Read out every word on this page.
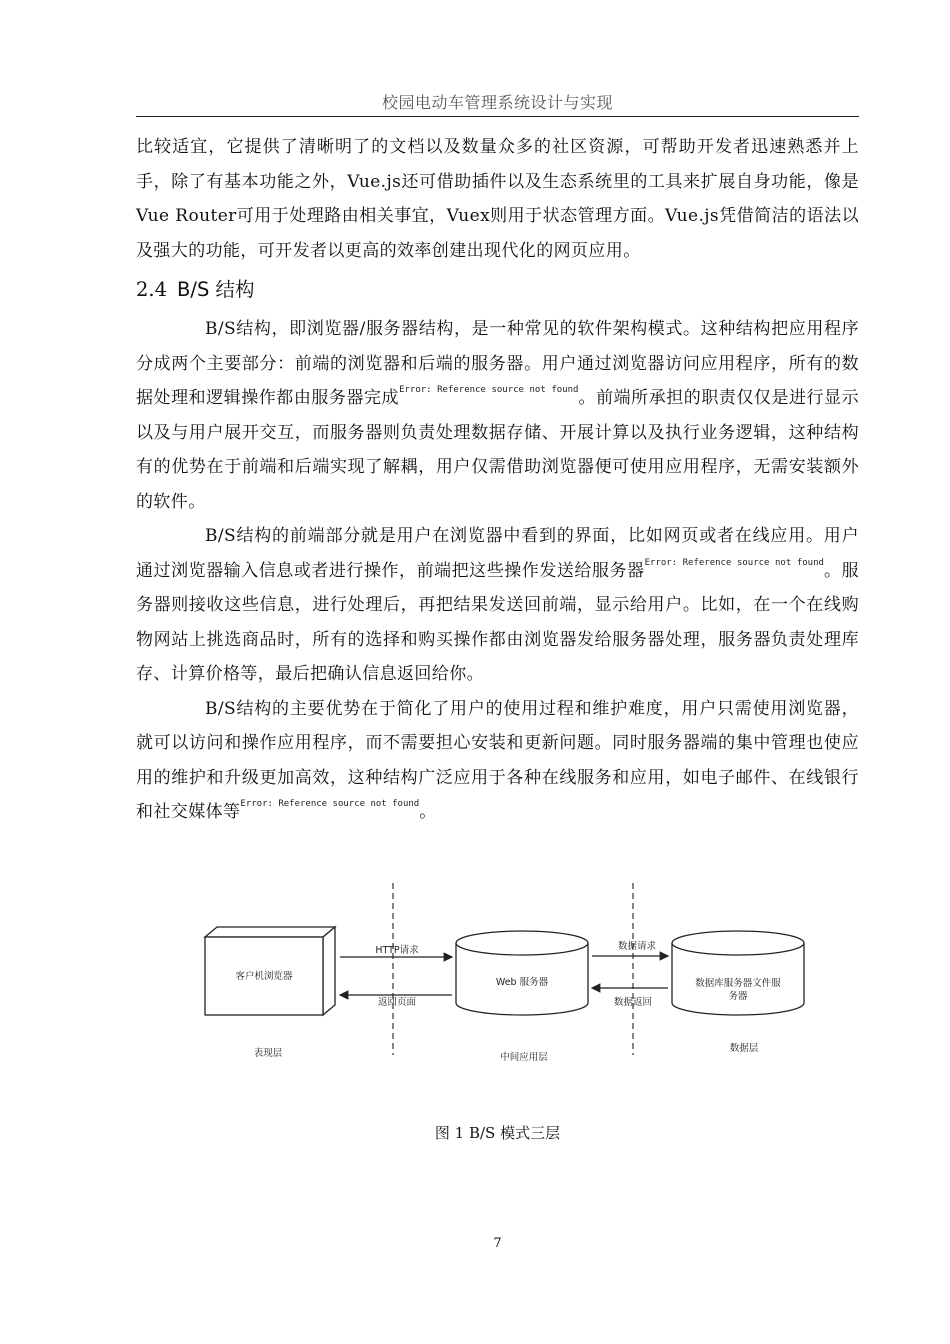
校园电动车管理系统设计与实现

比较适宜，它提供了清晰明了的文档以及数量众多的社区资源，可帮助开发者迅速熟悉并上手，除了有基本功能之外，Vue.js还可借助插件以及生态系统里的工具来扩展自身功能，像是Vue Router可用于处理路由相关事宜，Vuex则用于状态管理方面。Vue.js凭借简洁的语法以及强大的功能，可开发者以更高的效率创建出现代化的网页应用。

2.4 B/S 结构

B/S结构，即浏览器/服务器结构，是一种常见的软件架构模式。这种结构把应用程序分成两个主要部分：前端的浏览器和后端的服务器。用户通过浏览器访问应用程序，所有的数据处理和逻辑操作都由服务器完成$^{Error: Reference source not found}$。前端所承担的职责仅仅是进行显示以及与用户展开交互，而服务器则负责处理数据存储、开展计算以及执行业务逻辑，这种结构有的优势在于前端和后端实现了解耦，用户仅需借助浏览器便可使用应用程序，无需安装额外的软件。

B/S结构的前端部分就是用户在浏览器中看到的界面，比如网页或者在线应用。用户通过浏览器输入信息或者进行操作，前端把这些操作发送给服务器$^{Error: Reference source not found}$。服务器则接收这些信息，进行处理后，再把结果发送回前端，显示给用户。比如，在一个在线购物网站上挑选商品时，所有的选择和购买操作都由浏览器发给服务器处理，服务器负责处理库存、计算价格等，最后把确认信息返回给你。

B/S结构的主要优势在于简化了用户的使用过程和维护难度，用户只需使用浏览器，就可以访问和操作应用程序，而不需要担心安装和更新问题。同时服务器端的集中管理也使应用的维护和升级更加高效，这种结构广泛应用于各种在线服务和应用，如电子邮件、在线银行和社交媒体等$^{Error: Reference source not found}$。

客户机浏览器
Web 服务器	数据库服务器文件服
务器
HTTP请求
返回页面
数据请求
数据返回
表现层	中间应用层
数据层
图 1 B/S 模式三层
7
